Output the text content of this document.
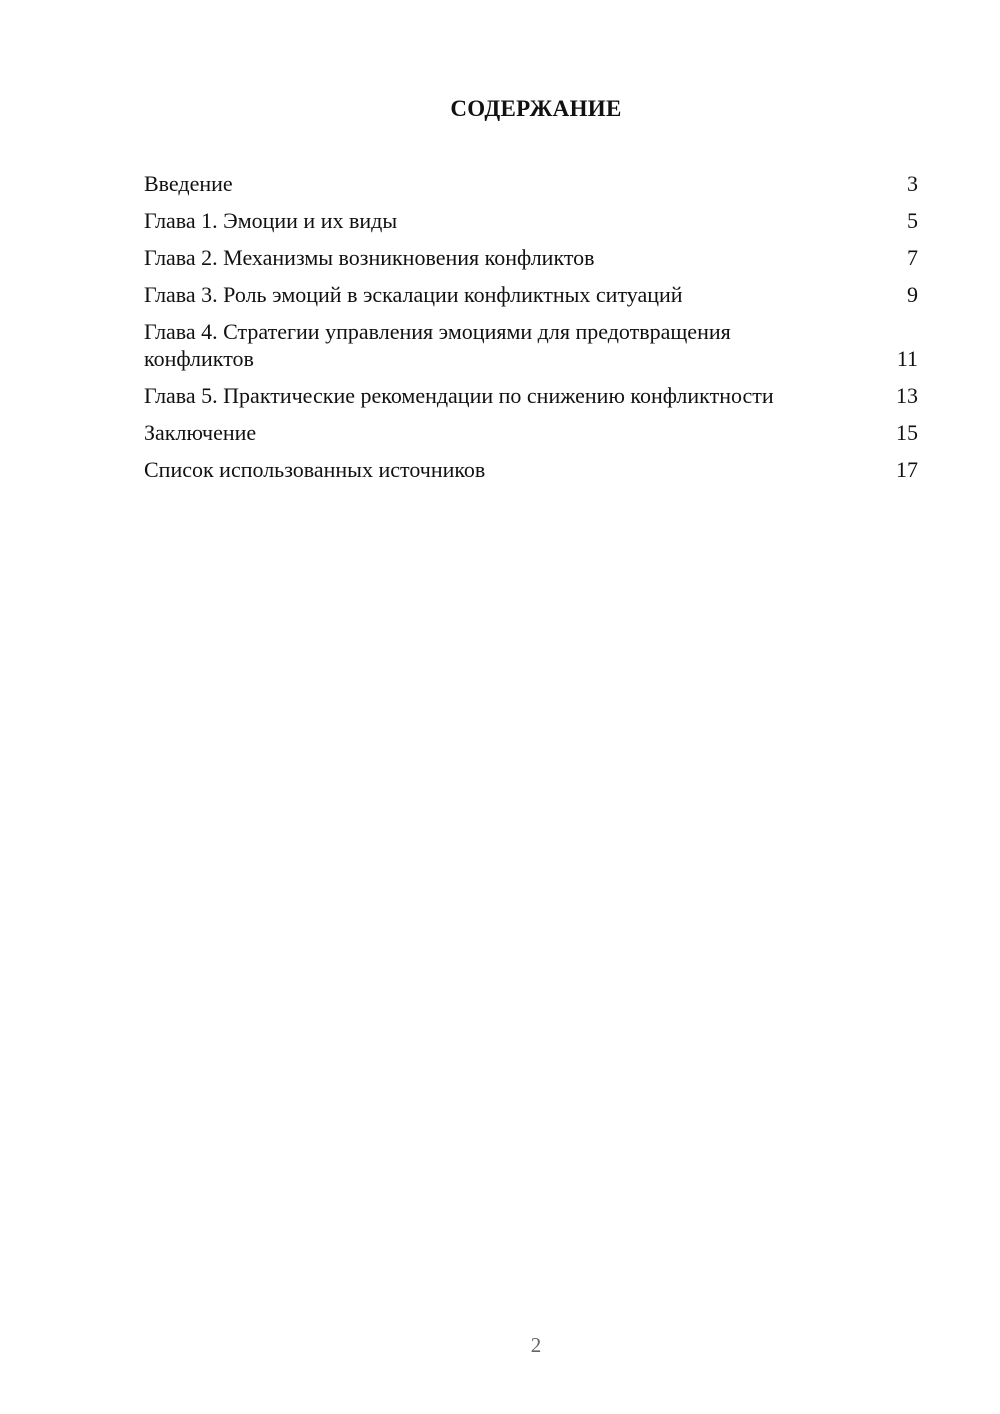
СОДЕРЖАНИЕ
Введение	3
Глава 1. Эмоции и их виды	5
Глава 2. Механизмы возникновения конфликтов	7
Глава 3. Роль эмоций в эскалации конфликтных ситуаций	9
Глава 4. Стратегии управления эмоциями для предотвращения конфликтов	11
Глава 5. Практические рекомендации по снижению конфликтности	13
Заключение	15
Список использованных источников	17
2
